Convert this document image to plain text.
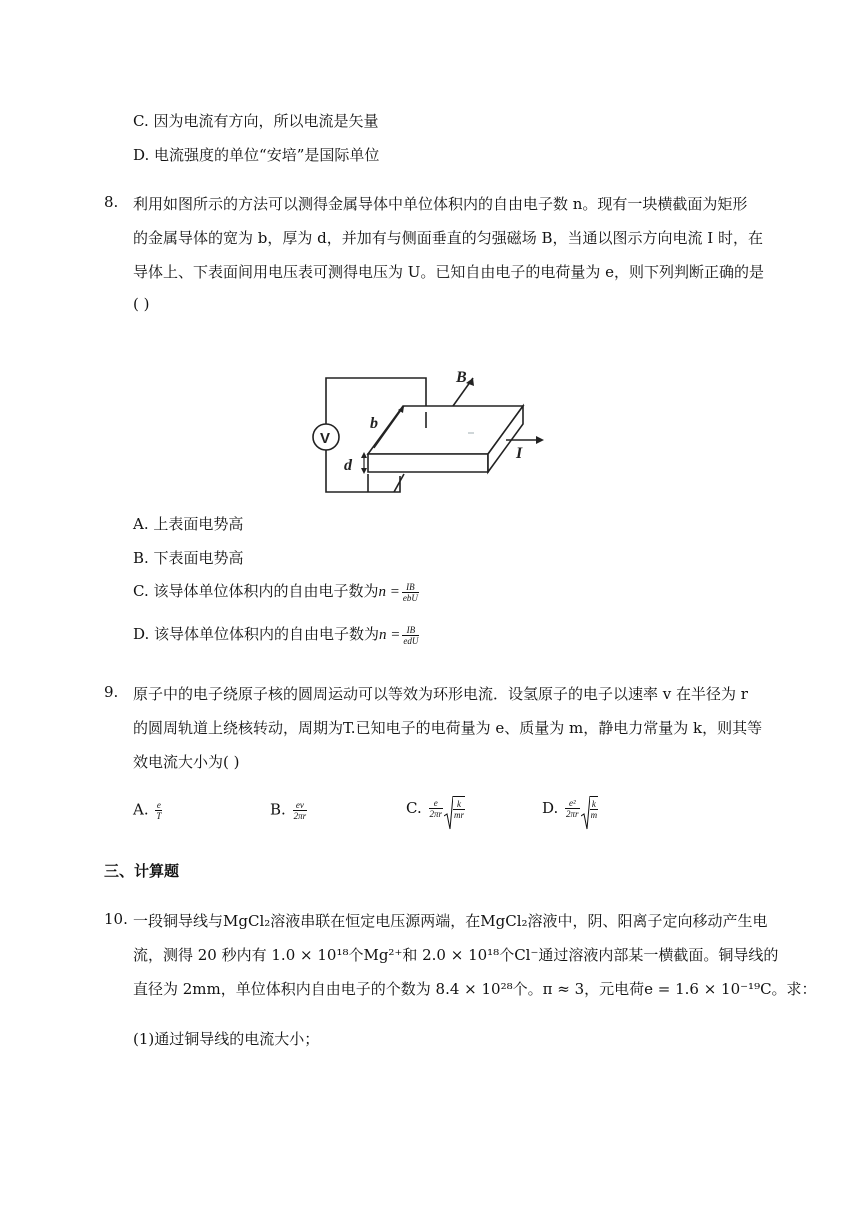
C. 因为电流有方向，所以电流是矢量
D. 电流强度的单位“安培”是国际单位
8. 利用如图所示的方法可以测得金属导体中单位体积内的自由电子数 n。现有一块横截面为矩形
的金属导体的宽为 b，厚为 d，并加有与侧面垂直的匀强磁场 B，当通以图示方向电流 I 时，在
导体上、下表面间用电压表可测得电压为 U。已知自由电子的电荷量为 e，则下列判断正确的是
( )
V
B
b
d
I
A. 上表面电势高
B. 下表面电势高
C. 该导体单位体积内的自由电子数为$n = \frac{IB}{\text{ebU}}$
D. 该导体单位体积内的自由电子数为$n = \frac{IB}{\text{edU}}$
9. 原子中的电子绕原子核的圆周运动可以等效为环形电流．设氢原子的电子以速率 v 在半径为 r
的圆周轨道上绕核转动，周期为T.已知电子的电荷量为 e、质量为 m，静电力常量为 k，则其等
效电流大小为( )
A. $\frac{e}{T}$	B. $\frac{ev}{2\pi r}$	C. $\frac{e}{2\pi r} \frac{k}{mr}$	D. $\frac{\text{e²}}{2\pi r} \frac{k}{m}$
三、计算题
10. 一段铜导线与MgCl₂溶液串联在恒定电压源两端，在MgCl₂溶液中，阴、阳离子定向移动产生电
流，测得 20 秒内有 1.0 × 10¹⁸个Mg²⁺和 2.0 × 10¹⁸个Cl⁻通过溶液内部某一横截面。铜导线的
直径为 2mm，单位体积内自由电子的个数为 8.4 × 10²⁸个。π ≈ 3，元电荷e = 1.6 × 10⁻¹⁹C。求：
(1)通过铜导线的电流大小；
